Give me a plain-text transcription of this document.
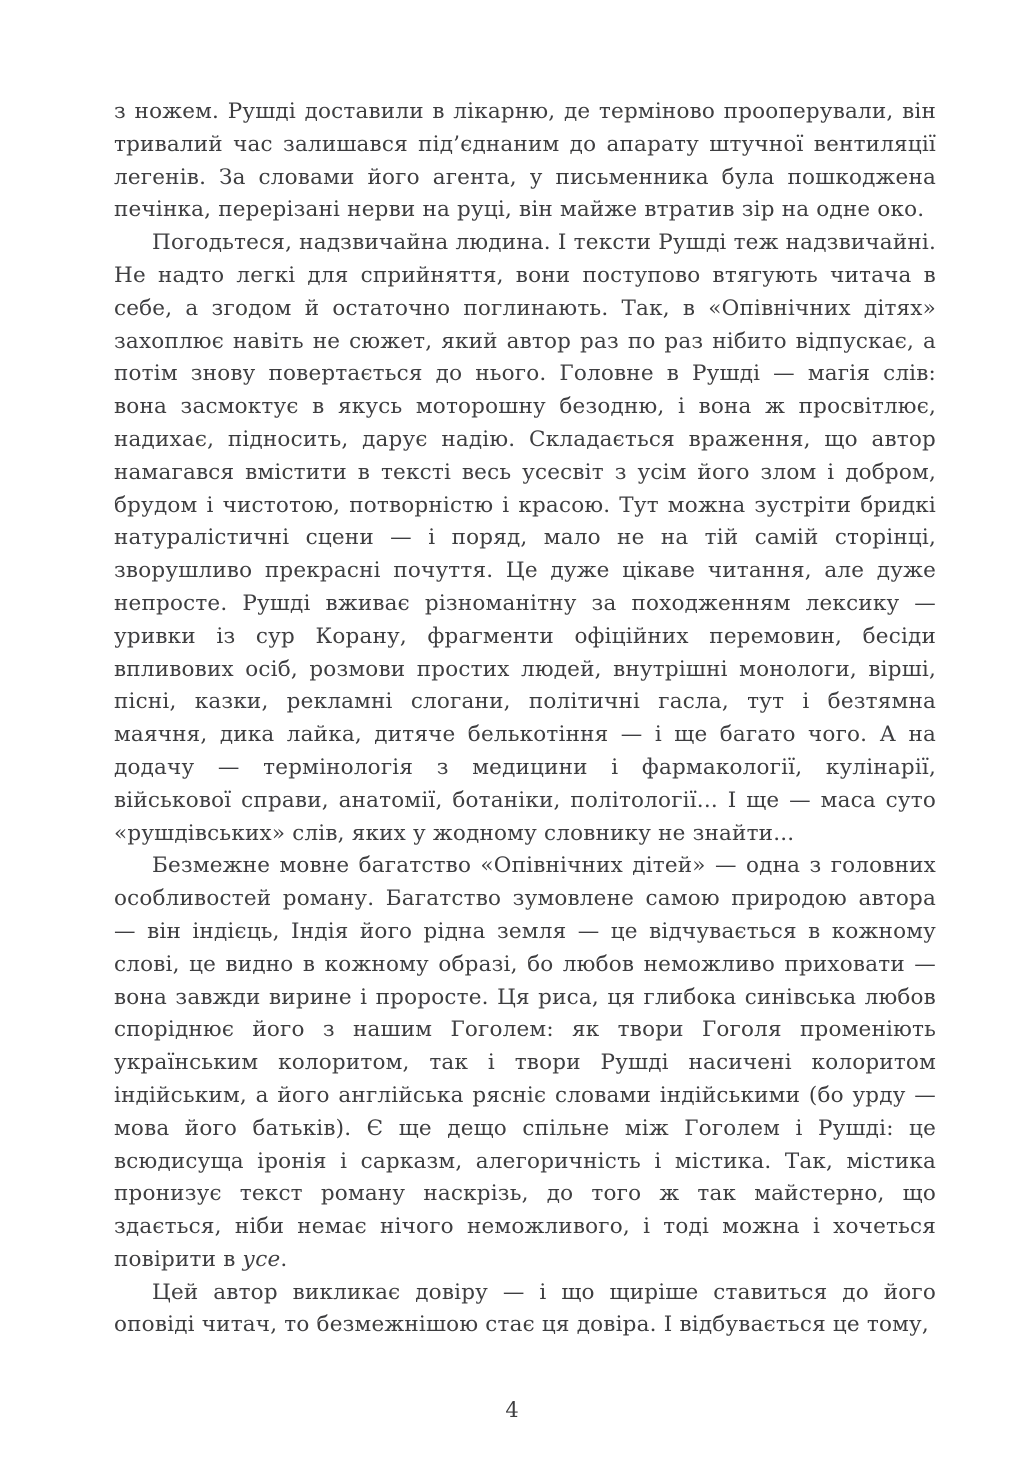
з ножем. Рушді доставили в лікарню, де терміново прооперували, він тривалий час залишався під’єднаним до апарату штучної вентиляції легенів. За словами його агента, у письменника була пошкоджена печінка, перерізані нерви на руці, він майже втратив зір на одне око.

Погодьтеся, надзвичайна людина. І тексти Рушді теж надзвичайні. Не надто легкі для сприйняття, вони поступово втягують читача в себе, а згодом й остаточно поглинають. Так, в «Опівнічних дітях» захоплює навіть не сюжет, який автор раз по раз нібито відпускає, а потім знову повертається до нього. Головне в Рушді — магія слів: вона засмоктує в якусь моторошну безодню, і вона ж просвітлює, надихає, підносить, дарує надію. Складається враження, що автор намагався вмістити в тексті весь усесвіт з усім його злом і добром, брудом і чистотою, потворністю і красою. Тут можна зустріти бридкі натуралістичні сцени — і поряд, мало не на тій самій сторінці, зворушливо прекрасні почуття. Це дуже цікаве читання, але дуже непросте. Рушді вживає різноманітну за походженням лексику — уривки із сур Корану, фрагменти офіційних перемовин, бесіди впливових осіб, розмови простих людей, внутрішні монологи, вірші, пісні, казки, рекламні слогани, політичні гасла, тут і безтямна маячня, дика лайка, дитяче белькотіння — і ще багато чого. А на додачу — термінологія з медицини і фармакології, кулінарії, військової справи, анатомії, ботаніки, політології... І ще — маса суто «рушдівських» слів, яких у жодному словнику не знайти...

Безмежне мовне багатство «Опівнічних дітей» — одна з головних особливостей роману. Багатство зумовлене самою природою автора — він індієць, Індія його рідна земля — це відчувається в кожному слові, це видно в кожному образі, бо любов неможливо приховати — вона завжди вирине і проросте. Ця риса, ця глибока синівська любов споріднює його з нашим Гоголем: як твори Гоголя променіють українським колоритом, так і твори Рушді насичені колоритом індійським, а його англійська рясніє словами індійськими (бо урду — мова його батьків). Є ще дещо спільне між Гоголем і Рушді: це всюдисуща іронія і сарказм, алегоричність і містика. Так, містика пронизує текст роману наскрізь, до того ж так майстерно, що здається, ніби немає нічого неможливого, і тоді можна і хочеться повірити в усе.

Цей автор викликає довіру — і що щиріше ставиться до його оповіді читач, то безмежнішою стає ця довіра. І відбувається це тому,

4
